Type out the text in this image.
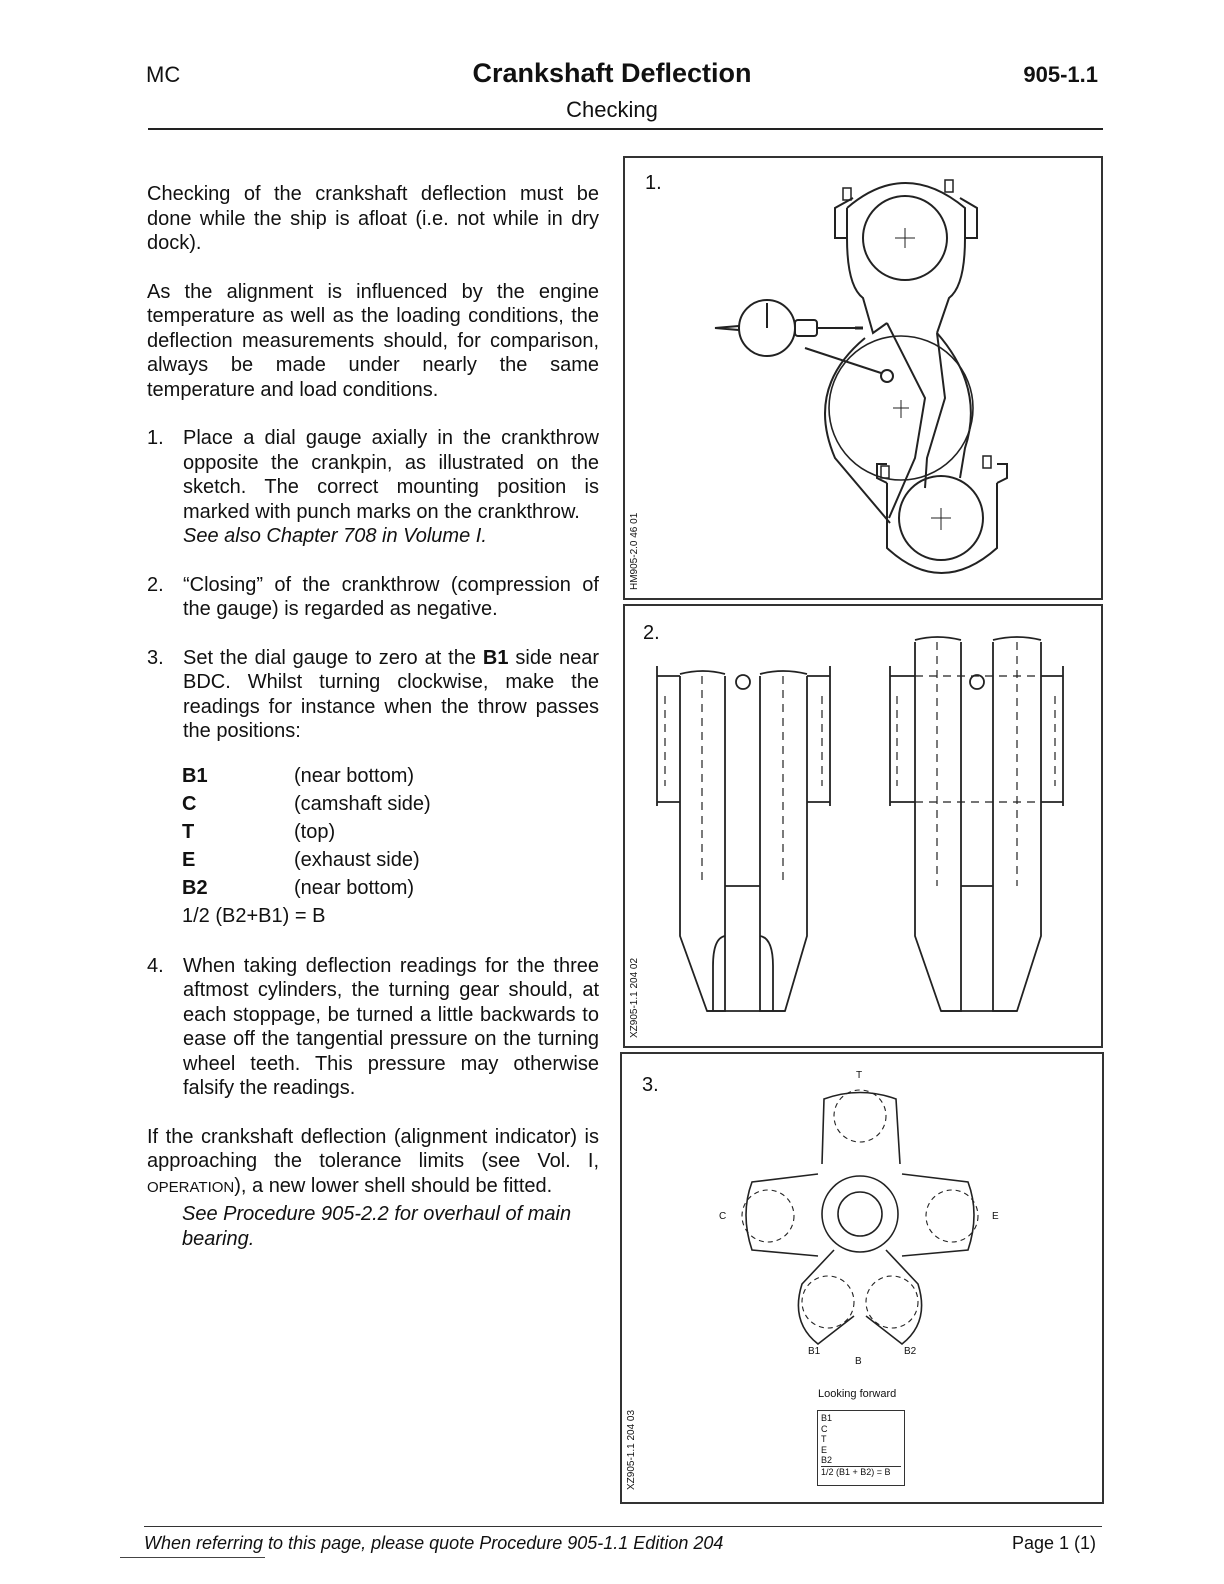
MC	Crankshaft Deflection
Checking
905-1.1

Checking of the crankshaft deflection must be done while the ship is afloat (i.e. not while in dry dock).

As the alignment is influenced by the engine temperature as well as the loading conditions, the deflection measurements should, for comparison, always be made under nearly the same temperature and load conditions.

1. Place a dial gauge axially in the crankthrow opposite the crankpin, as illustrated on the sketch. The correct mounting position is marked with punch marks on the crankthrow.
See also Chapter 708 in Volume I.
2. “Closing” of the crankthrow (compression of the gauge) is regarded as negative.
3. Set the dial gauge to zero at the B1 side near BDC. Whilst turning clockwise, make the readings for instance when the throw passes the positions:
B1	(near bottom)
C	(camshaft side)
T	(top)
E	(exhaust side)
B2	(near bottom)
1/2 (B2+B1) = B
4. When taking deflection readings for the three aftmost cylinders, the turning gear should, at each stoppage, be turned a little backwards to ease off the tangential pressure on the turning wheel teeth. This pressure may otherwise falsify the readings.
If the crankshaft deflection (alignment indicator) is approaching the tolerance limits (see Vol. I, OPERATION), a new lower shell should be fitted.
See Procedure 905-2.2 for overhaul of main bearing.
1.
HM905-2.0 46 01
2.
XZ905-1.1 204 02
3.
XZ905-1.1 204 03
T
C	E
B1
B
B2
Looking forward
B1
C
T
E
B2
1/2 (B1 + B2) = B
When referring to this page, please quote Procedure 905-1.1 Edition 204	Page 1 (1)
